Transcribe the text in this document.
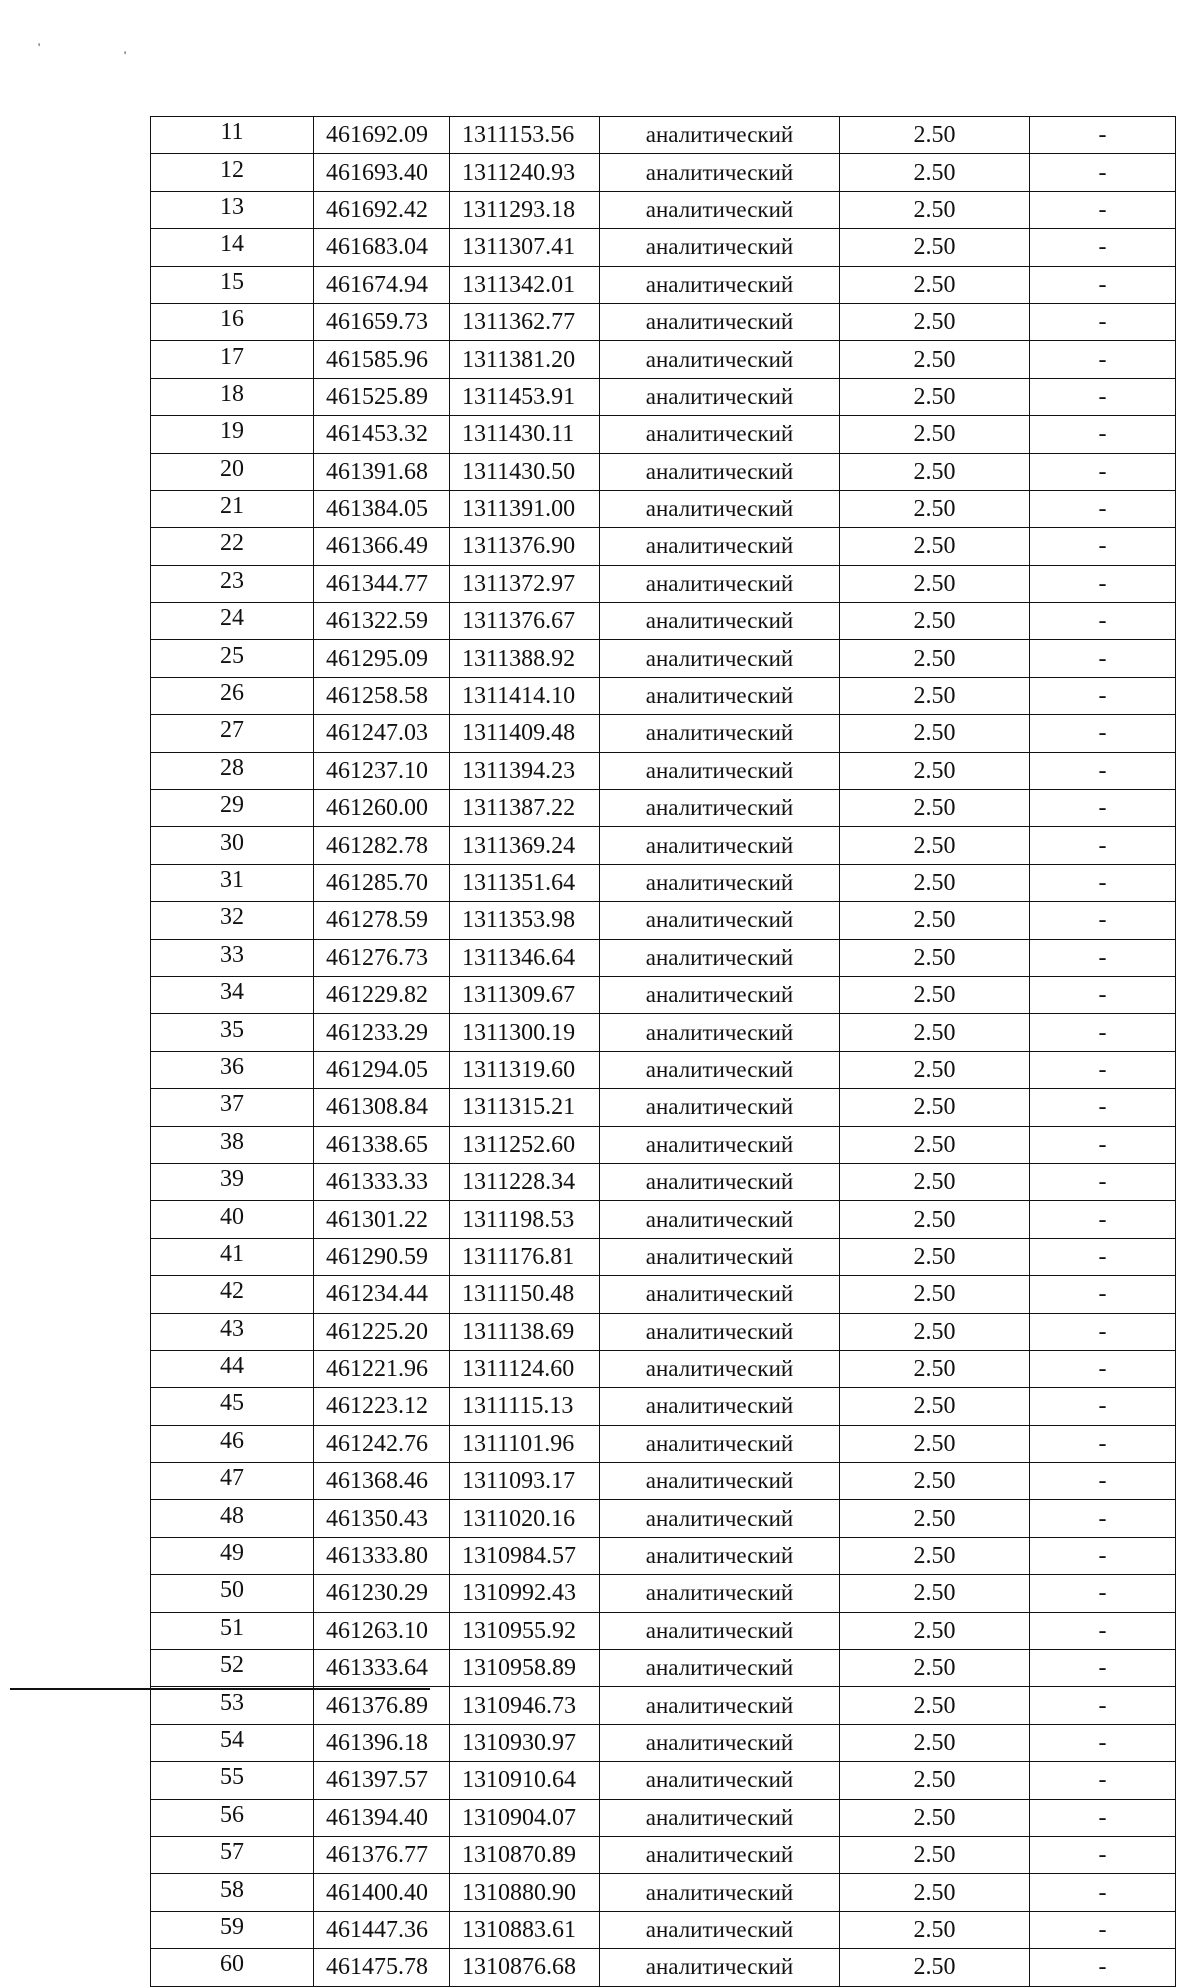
'
'
11	461692.09	1311153.56	аналитический	2.50	-
12	461693.40	1311240.93	аналитический	2.50	-
13	461692.42	1311293.18	аналитический	2.50	-
14	461683.04	1311307.41	аналитический	2.50	-
15	461674.94	1311342.01	аналитический	2.50	-
16	461659.73	1311362.77	аналитический	2.50	-
17	461585.96	1311381.20	аналитический	2.50	-
18	461525.89	1311453.91	аналитический	2.50	-
19	461453.32	1311430.11	аналитический	2.50	-
20	461391.68	1311430.50	аналитический	2.50	-
21	461384.05	1311391.00	аналитический	2.50	-
22	461366.49	1311376.90	аналитический	2.50	-
23	461344.77	1311372.97	аналитический	2.50	-
24	461322.59	1311376.67	аналитический	2.50	-
25	461295.09	1311388.92	аналитический	2.50	-
26	461258.58	1311414.10	аналитический	2.50	-
27	461247.03	1311409.48	аналитический	2.50	-
28	461237.10	1311394.23	аналитический	2.50	-
29	461260.00	1311387.22	аналитический	2.50	-
30	461282.78	1311369.24	аналитический	2.50	-
31	461285.70	1311351.64	аналитический	2.50	-
32	461278.59	1311353.98	аналитический	2.50	-
33	461276.73	1311346.64	аналитический	2.50	-
34	461229.82	1311309.67	аналитический	2.50	-
35	461233.29	1311300.19	аналитический	2.50	-
36	461294.05	1311319.60	аналитический	2.50	-
37	461308.84	1311315.21	аналитический	2.50	-
38	461338.65	1311252.60	аналитический	2.50	-
39	461333.33	1311228.34	аналитический	2.50	-
40	461301.22	1311198.53	аналитический	2.50	-
41	461290.59	1311176.81	аналитический	2.50	-
42	461234.44	1311150.48	аналитический	2.50	-
43	461225.20	1311138.69	аналитический	2.50	-
44	461221.96	1311124.60	аналитический	2.50	-
45	461223.12	1311115.13	аналитический	2.50	-
46	461242.76	1311101.96	аналитический	2.50	-
47	461368.46	1311093.17	аналитический	2.50	-
48	461350.43	1311020.16	аналитический	2.50	-
49	461333.80	1310984.57	аналитический	2.50	-
50	461230.29	1310992.43	аналитический	2.50	-
51	461263.10	1310955.92	аналитический	2.50	-
52	461333.64	1310958.89	аналитический	2.50	-
53	461376.89	1310946.73	аналитический	2.50	-
54	461396.18	1310930.97	аналитический	2.50	-
55	461397.57	1310910.64	аналитический	2.50	-
56	461394.40	1310904.07	аналитический	2.50	-
57	461376.77	1310870.89	аналитический	2.50	-
58	461400.40	1310880.90	аналитический	2.50	-
59	461447.36	1310883.61	аналитический	2.50	-
60	461475.78	1310876.68	аналитический	2.50	-
